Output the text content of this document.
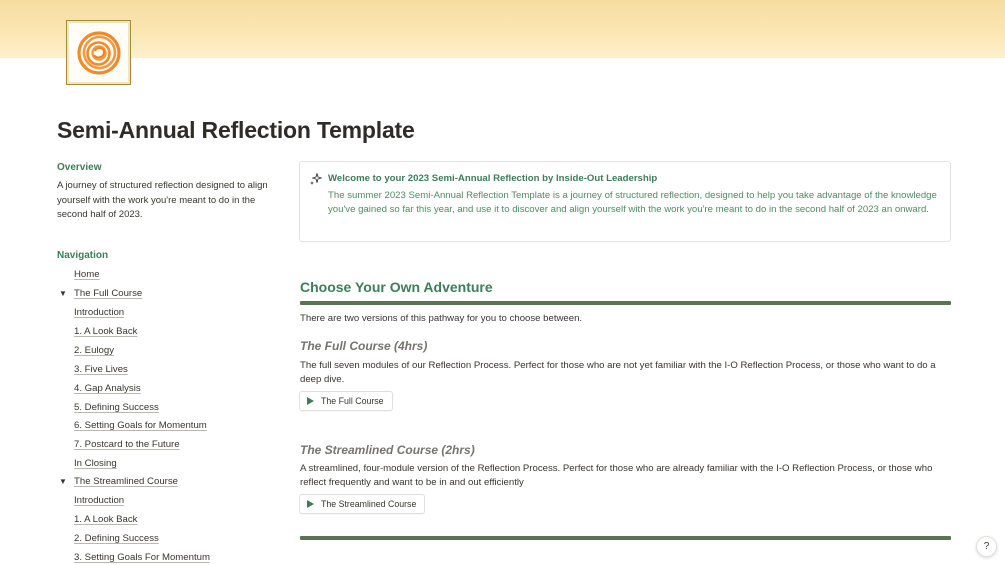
Semi-Annual Reflection Template
Overview
A journey of structured reflection designed to align yourself with the work you're meant to do in the second half of 2023.
Navigation
Home
▼ The Full Course
Introduction
1. A Look Back
2. Eulogy
3. Five Lives
4. Gap Analysis
5. Defining Success
6. Setting Goals for Momentum
7. Postcard to the Future
In Closing
▼ The Streamlined Course
Introduction
1. A Look Back
2. Defining Success
3. Setting Goals For Momentum
Welcome to your 2023 Semi-Annual Reflection by Inside-Out Leadership
The summer 2023 Semi-Annual Reflection Template is a journey of structured reflection, designed to help you take advantage of the knowledge you've gained so far this year, and use it to discover and align yourself with the work you're meant to do in the second half of 2023 an onward.
Choose Your Own Adventure
There are two versions of this pathway for you to choose between.
The Full Course (4hrs)
The full seven modules of our Reflection Process. Perfect for those who are not yet familiar with the I-O Reflection Process, or those who want to do a deep dive.
The Full Course
The Streamlined Course (2hrs)
A streamlined, four-module version of the Reflection Process. Perfect for those who are already familiar with the I-O Reflection Process, or those who reflect frequently and want to be in and out efficiently
The Streamlined Course
?
